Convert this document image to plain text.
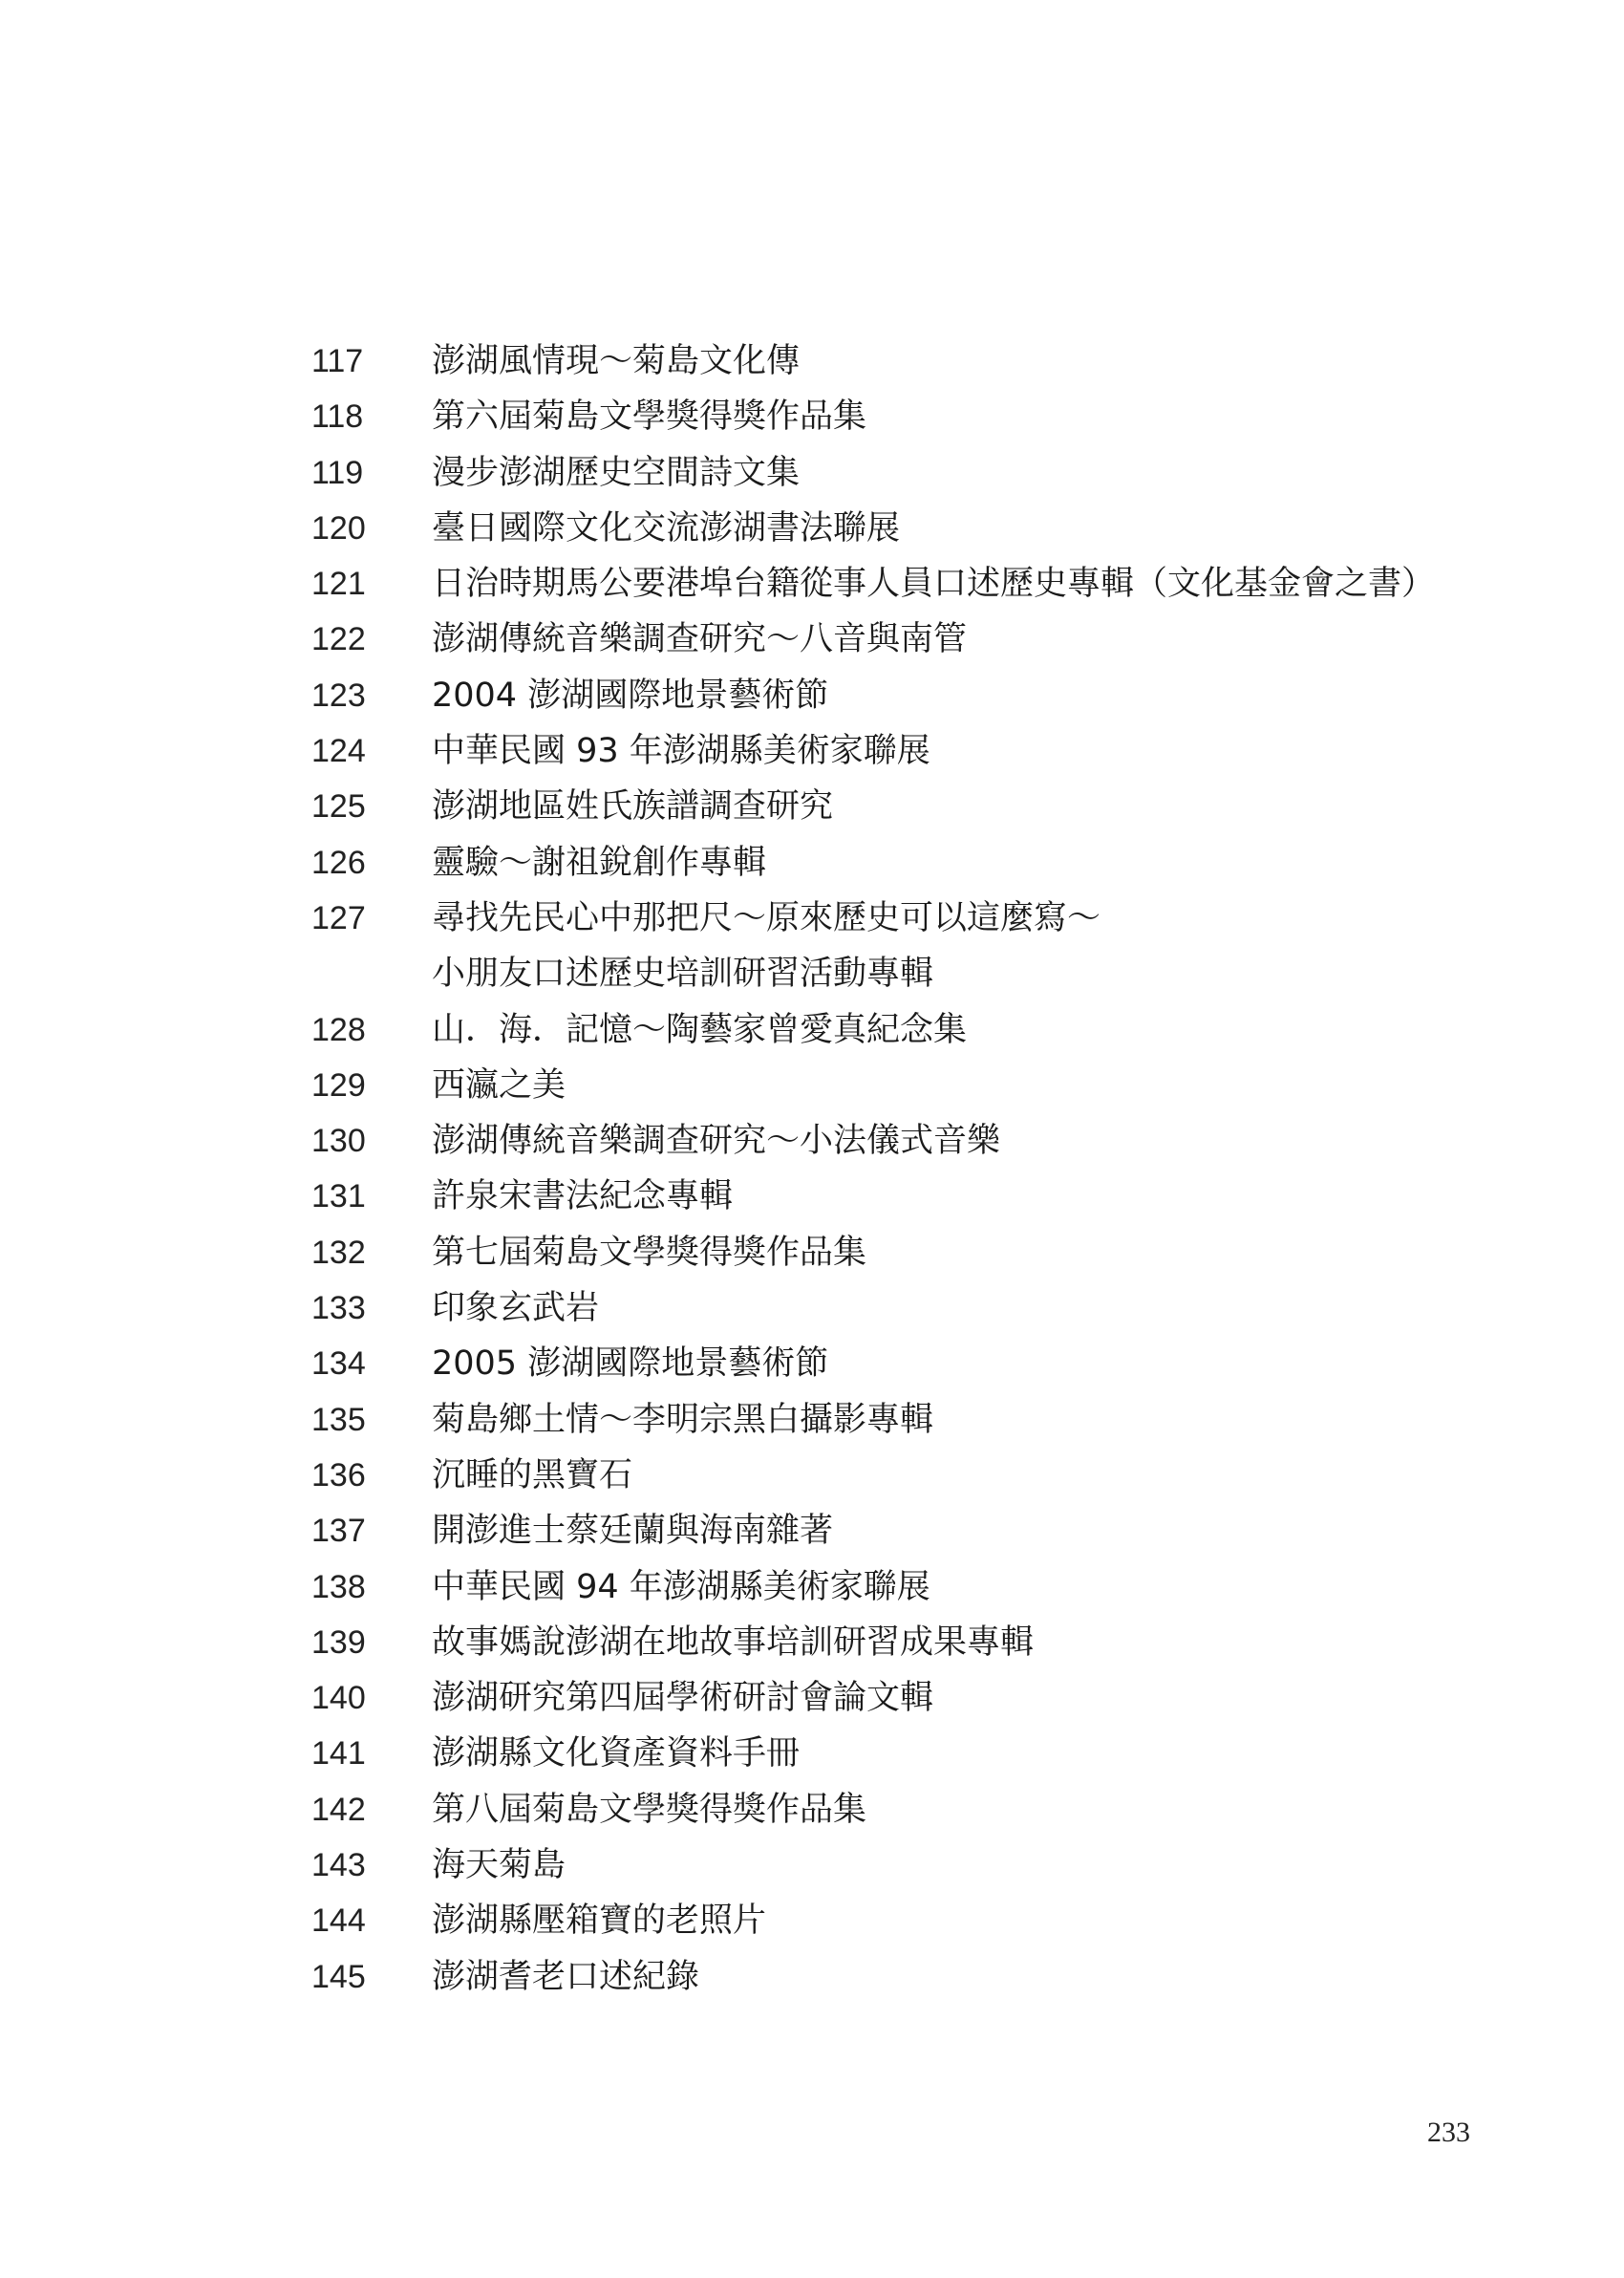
117 澎湖風情現～菊島文化傳
118 第六屆菊島文學獎得獎作品集
119 漫步澎湖歷史空間詩文集
120 臺日國際文化交流澎湖書法聯展
121 日治時期馬公要港埠台籍從事人員口述歷史專輯（文化基金會之書）
122 澎湖傳統音樂調查研究～八音與南管
123 2004 澎湖國際地景藝術節
124 中華民國 93 年澎湖縣美術家聯展
125 澎湖地區姓氏族譜調查研究
126 靈驗～謝祖銳創作專輯
127 尋找先民心中那把尺～原來歷史可以這麼寫～
小朋友口述歷史培訓研習活動專輯
128 山．海．記憶～陶藝家曾愛真紀念集
129 西瀛之美
130 澎湖傳統音樂調查研究～小法儀式音樂
131 許泉宋書法紀念專輯
132 第七屆菊島文學獎得獎作品集
133 印象玄武岩
134 2005 澎湖國際地景藝術節
135 菊島鄉土情～李明宗黑白攝影專輯
136 沉睡的黑寶石
137 開澎進士蔡廷蘭與海南雜著
138 中華民國 94 年澎湖縣美術家聯展
139 故事媽說澎湖在地故事培訓研習成果專輯
140 澎湖研究第四屆學術研討會論文輯
141 澎湖縣文化資產資料手冊
142 第八屆菊島文學獎得獎作品集
143 海天菊島
144 澎湖縣壓箱寶的老照片
145 澎湖耆老口述紀錄
233
